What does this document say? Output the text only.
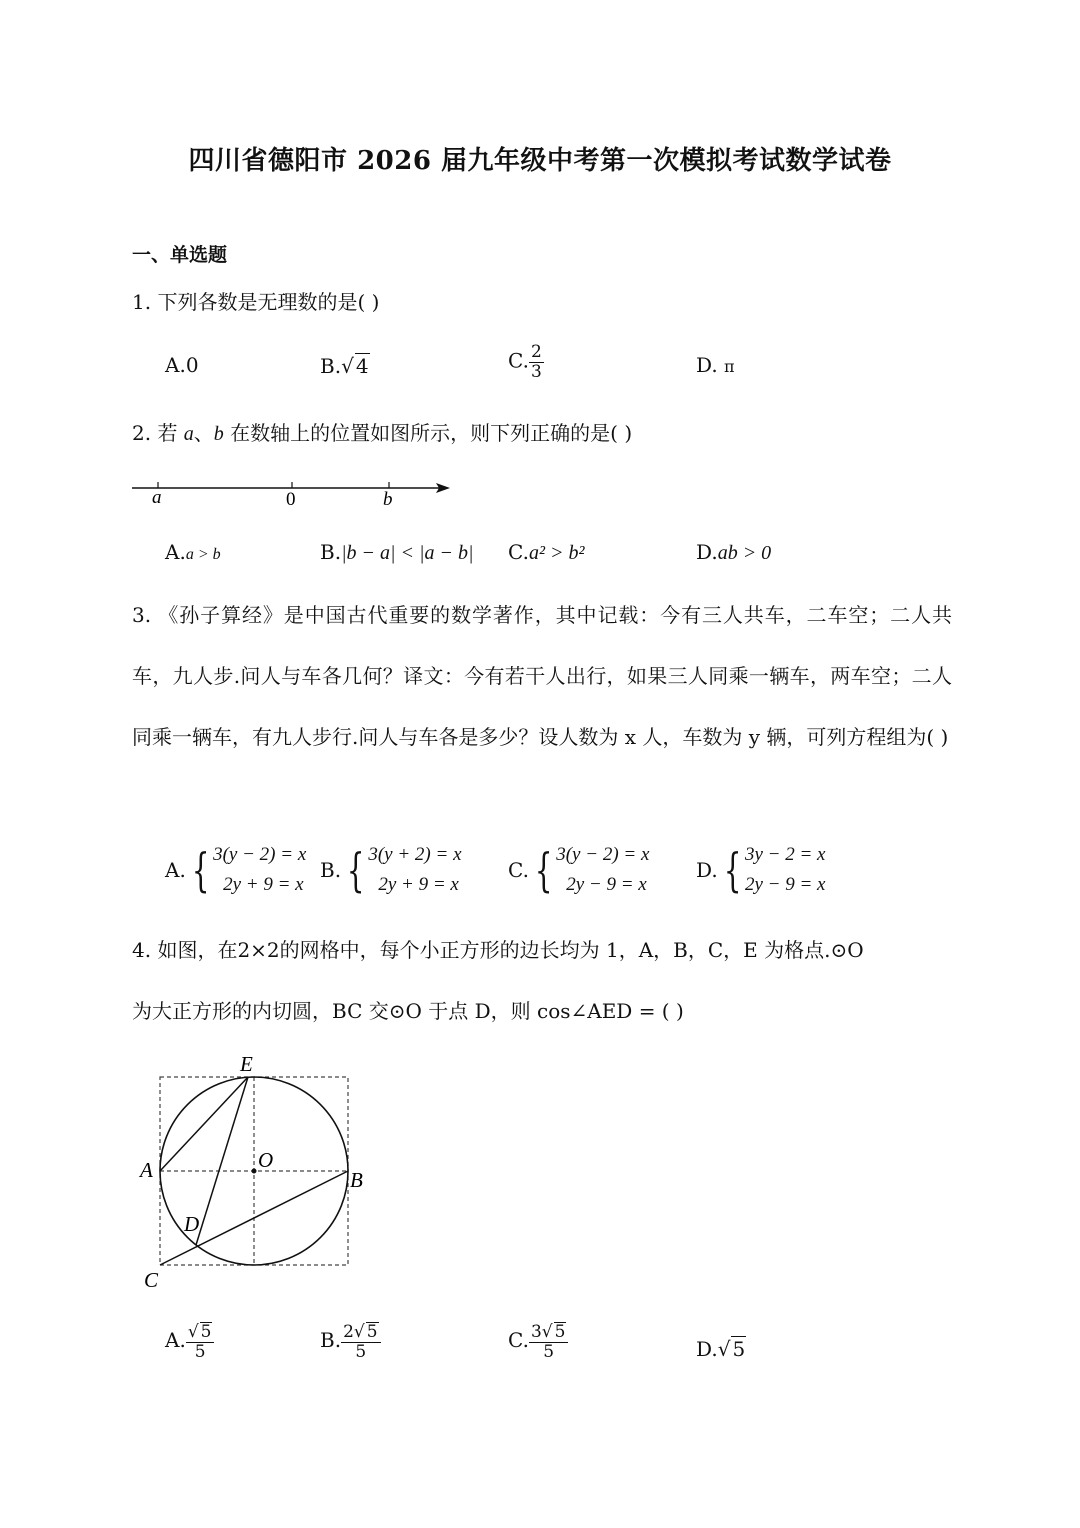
四川省德阳市 2026 届九年级中考第一次模拟考试数学试卷
一、单选题
1. 下列各数是无理数的是( )
A.0	B.√ 4	C. $\frac{2}{3}$	D. π
2. 若 a、b 在数轴上的位置如图所示，则下列正确的是( )
a	0	b
A.a > b	B.|b − a| < |a − b| C.a² > b²	D.ab > 0
3. 《孙子算经》是中国古代重要的数学著作，其中记载：今有三人共车，二车空；二人共车，九人步.问人与车各几何？译文：今有若干人出行，如果三人同乘一辆车，两车空；二人同乘一辆车，有九人步行.问人与车各是多少？设人数为 x 人，车数为 y 辆，可列方程组为( )
A. { 3(y − 2) = x
2y + 9 = x
B. { 3(y + 2) = x
2y + 9 = x
C. { 3(y − 2) = x
2y − 9 = x
D. { 3y − 2 = x
2y − 9 = x
4. 如图，在2×2的网格中，每个小正方形的边长均为 1，A，B，C，E 为格点.⊙O
为大正方形的内切圆，BC 交⊙O 于点 D，则 cos∠AED = ( )
E
A	O
B
D
C
A. $\frac{√ 5}{5}$	B. $\frac{2√ 5}{5}$	C. $\frac{3√ 5}{5}$	D.√ 5
